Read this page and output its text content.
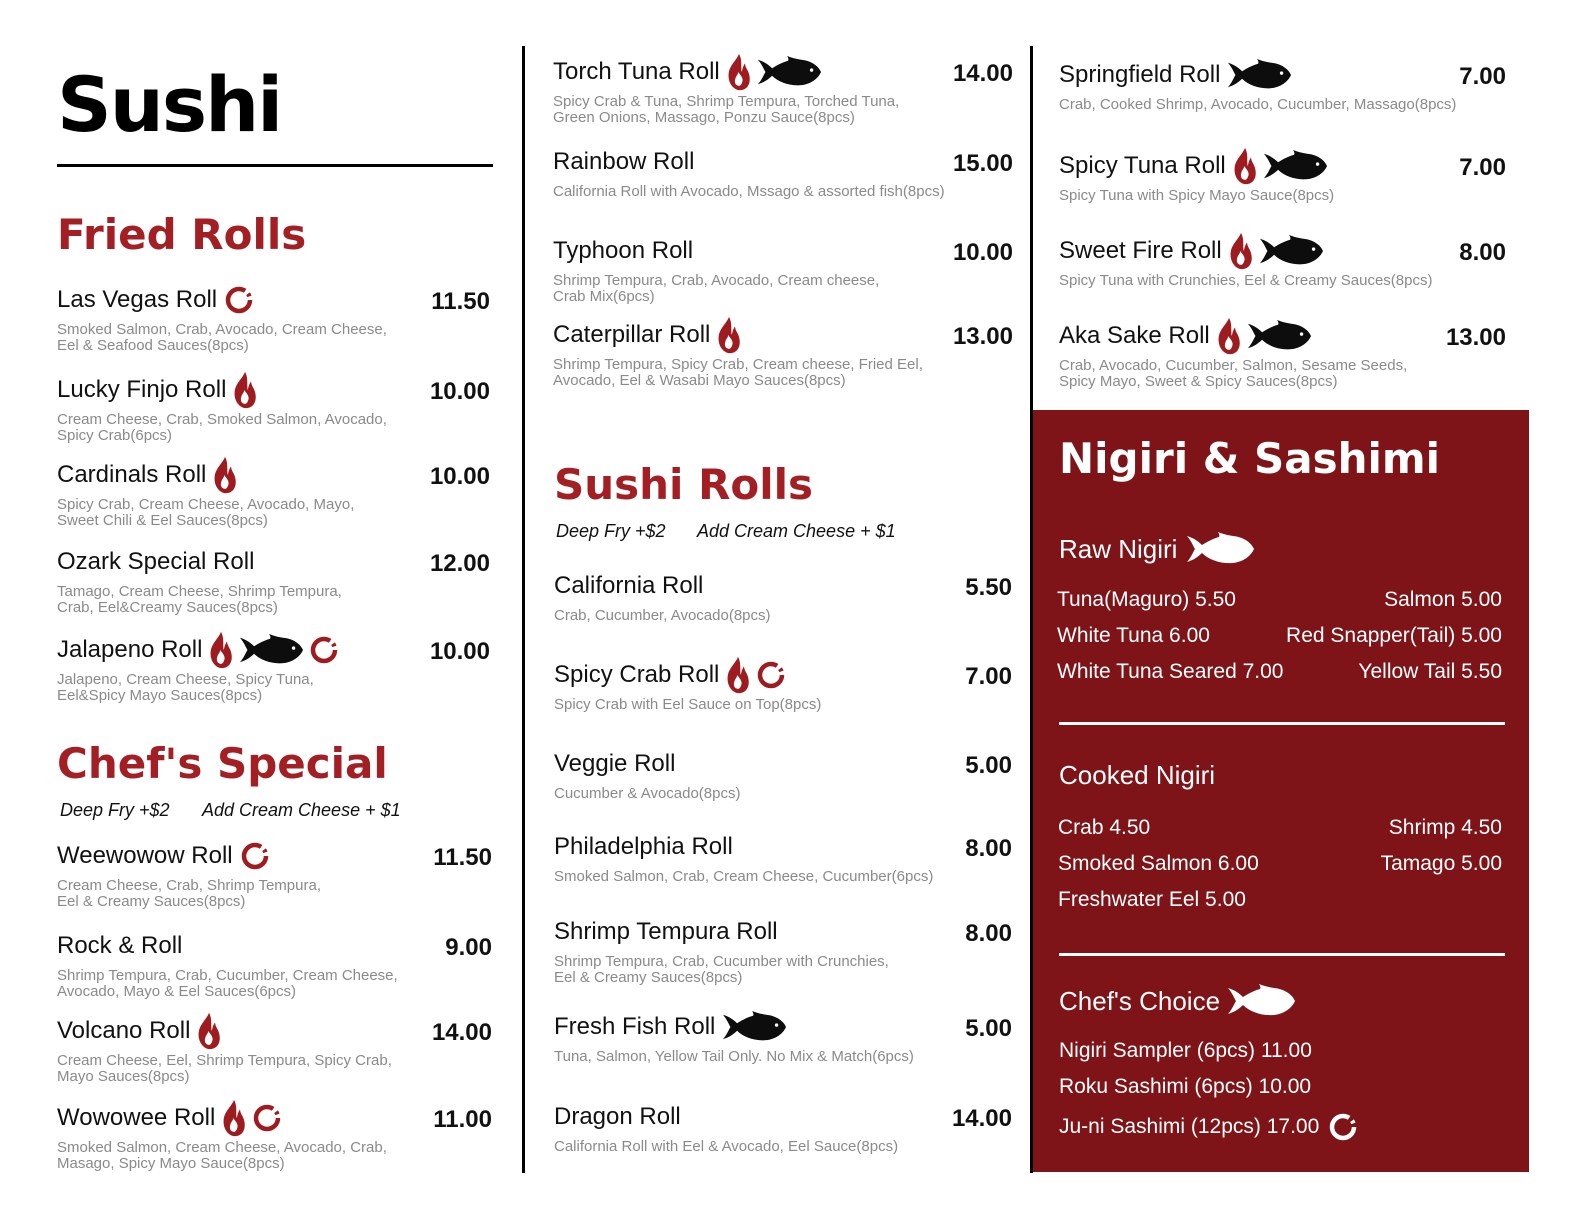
Sushi
Fried Rolls
Las Vegas Roll
Smoked Salmon, Crab, Avocado, Cream Cheese,
Eel & Seafood Sauces(8pcs)
11.50
Lucky Finjo Roll
Cream Cheese, Crab, Smoked Salmon, Avocado,
Spicy Crab(6pcs)
10.00
Cardinals Roll
Spicy Crab, Cream Cheese, Avocado, Mayo,
Sweet Chili & Eel Sauces(8pcs)
10.00
Ozark Special Roll
Tamago, Cream Cheese, Shrimp Tempura,
Crab, Eel&Creamy Sauces(8pcs)
12.00
Jalapeno Roll
Jalapeno, Cream Cheese, Spicy Tuna,
Eel&Spicy Mayo Sauces(8pcs)
10.00
Chef's Special
Deep Fry +$2 Add Cream Cheese + $1
Weewowow Roll
Cream Cheese, Crab, Shrimp Tempura,
Eel & Creamy Sauces(8pcs)
11.50
Rock & Roll
Shrimp Tempura, Crab, Cucumber, Cream Cheese,
Avocado, Mayo & Eel Sauces(6pcs)
9.00
Volcano Roll
Cream Cheese, Eel, Shrimp Tempura, Spicy Crab,
Mayo Sauces(8pcs)
14.00
Wowowee Roll
Smoked Salmon, Cream Cheese, Avocado, Crab,
Masago, Spicy Mayo Sauce(8pcs)
11.00
Torch Tuna Roll
Spicy Crab & Tuna, Shrimp Tempura, Torched Tuna,
Green Onions, Massago, Ponzu Sauce(8pcs)
14.00
Rainbow Roll
California Roll with Avocado, Mssago & assorted fish(8pcs)
15.00
Typhoon Roll
Shrimp Tempura, Crab, Avocado, Cream cheese,
Crab Mix(6pcs)
10.00
Caterpillar Roll
Shrimp Tempura, Spicy Crab, Cream cheese, Fried Eel,
Avocado, Eel & Wasabi Mayo Sauces(8pcs)
13.00
Sushi Rolls
Deep Fry +$2 Add Cream Cheese + $1
California Roll
Crab, Cucumber, Avocado(8pcs)
5.50
Spicy Crab Roll
Spicy Crab with Eel Sauce on Top(8pcs)
7.00
Veggie Roll
Cucumber & Avocado(8pcs)
5.00
Philadelphia Roll
Smoked Salmon, Crab, Cream Cheese, Cucumber(6pcs)
8.00
Shrimp Tempura Roll
Shrimp Tempura, Crab, Cucumber with Crunchies,
Eel & Creamy Sauces(8pcs)
8.00
Fresh Fish Roll
Tuna, Salmon, Yellow Tail Only. No Mix & Match(6pcs)
5.00
Dragon Roll
California Roll with Eel & Avocado, Eel Sauce(8pcs)
14.00
Springfield Roll
Crab, Cooked Shrimp, Avocado, Cucumber, Massago(8pcs)
7.00
Spicy Tuna Roll
Spicy Tuna with Spicy Mayo Sauce(8pcs)
7.00
Sweet Fire Roll
Spicy Tuna with Crunchies, Eel & Creamy Sauces(8pcs)
8.00
Aka Sake Roll
Crab, Avocado, Cucumber, Salmon, Sesame Seeds,
Spicy Mayo, Sweet & Spicy Sauces(8pcs)
13.00
Nigiri & Sashimi
Raw Nigiri
Tuna(Maguro) 5.50
White Tuna 6.00
White Tuna Seared 7.00
Salmon 5.00
Red Snapper(Tail) 5.00
Yellow Tail 5.50
Cooked Nigiri
Crab 4.50
Smoked Salmon 6.00
Freshwater Eel 5.00
Shrimp 4.50
Tamago 5.00
Chef's Choice
Nigiri Sampler (6pcs) 11.00
Roku Sashimi (6pcs) 10.00
Ju-ni Sashimi (12pcs) 17.00
